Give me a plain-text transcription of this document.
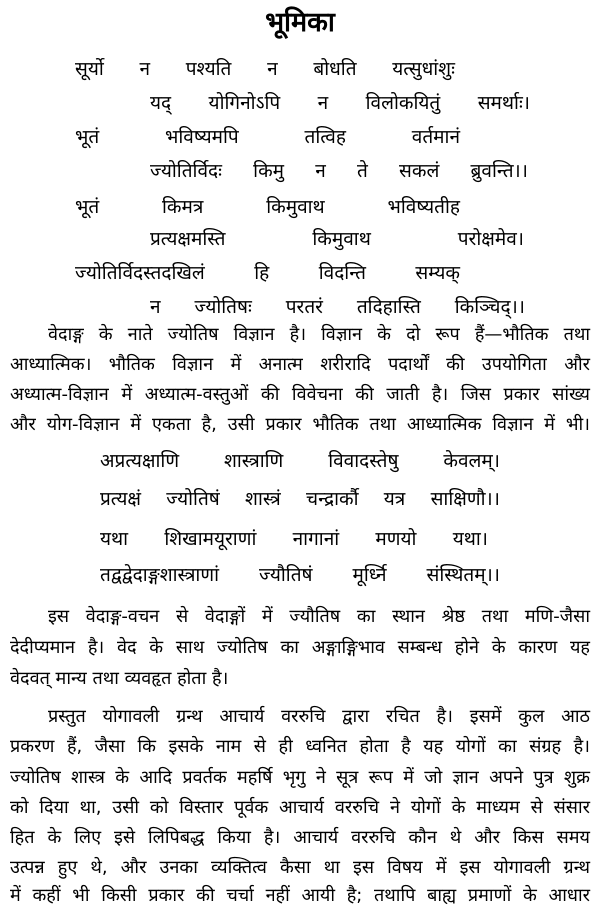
भूमिका
सूर्यो न पश्यति न बोधति यत्सुधांशुः
यद् योगिनोऽपि न विलोकयितुं समर्थाः।
भूतं	भविष्यमपि	तत्विह	वर्तमानं
ज्योतिर्विदः किमु न ते सकलं ब्रुवन्ति।।
भूतं	किमत्र	किमुवाथ	भविष्यतीह
प्रत्यक्षमस्ति	किमुवाथ	परोक्षमेव।
ज्योतिर्विदस्तदखिलं	हि	विदन्ति	सम्यक्
न ज्योतिषः परतरं तदिहास्ति किञ्चिद्।।
वेदाङ्ग के नाते ज्योतिष विज्ञान है। विज्ञान के दो रूप हैं—भौतिक तथा
आध्यात्मिक। भौतिक विज्ञान में अनात्म शरीरादि पदार्थों की उपयोगिता और
अध्यात्म-विज्ञान में अध्यात्म-वस्तुओं की विवेचना की जाती है। जिस प्रकार सांख्य
और योग-विज्ञान में एकता है, उसी प्रकार भौतिक तथा आध्यात्मिक विज्ञान में भी।
अप्रत्यक्षाणि शास्त्राणि विवादस्तेषु केवलम्।
प्रत्यक्षं ज्योतिषं शास्त्रं चन्द्रार्कौ यत्र साक्षिणौ।।
यथा शिखामयूराणां नागानां मणयो यथा।
तद्वद्वेदाङ्गशास्त्राणां ज्यौतिषं मूर्ध्नि संस्थितम्।।
इस वेदाङ्ग-वचन से वेदाङ्गों में ज्यौतिष का स्थान श्रेष्ठ तथा मणि-जैसा
देदीप्यमान है। वेद के साथ ज्योतिष का अङ्गाङ्गिभाव सम्बन्ध होने के कारण यह
वेदवत् मान्य तथा व्यवहृत होता है।
प्रस्तुत योगावली ग्रन्थ आचार्य वररुचि द्वारा रचित है। इसमें कुल आठ
प्रकरण हैं, जैसा कि इसके नाम से ही ध्वनित होता है यह योगों का संग्रह है।
ज्योतिष शास्त्र के आदि प्रवर्तक महर्षि भृगु ने सूत्र रूप में जो ज्ञान अपने पुत्र शुक्र
को दिया था, उसी को विस्तार पूर्वक आचार्य वररुचि ने योगों के माध्यम से संसार
हित के लिए इसे लिपिबद्ध किया है। आचार्य वररुचि कौन थे और किस समय
उत्पन्न हुए थे, और उनका व्यक्तित्व कैसा था इस विषय में इस योगावली ग्रन्थ
में कहीं भी किसी प्रकार की चर्चा नहीं आयी है; तथापि बाह्य प्रमाणों के आधार
